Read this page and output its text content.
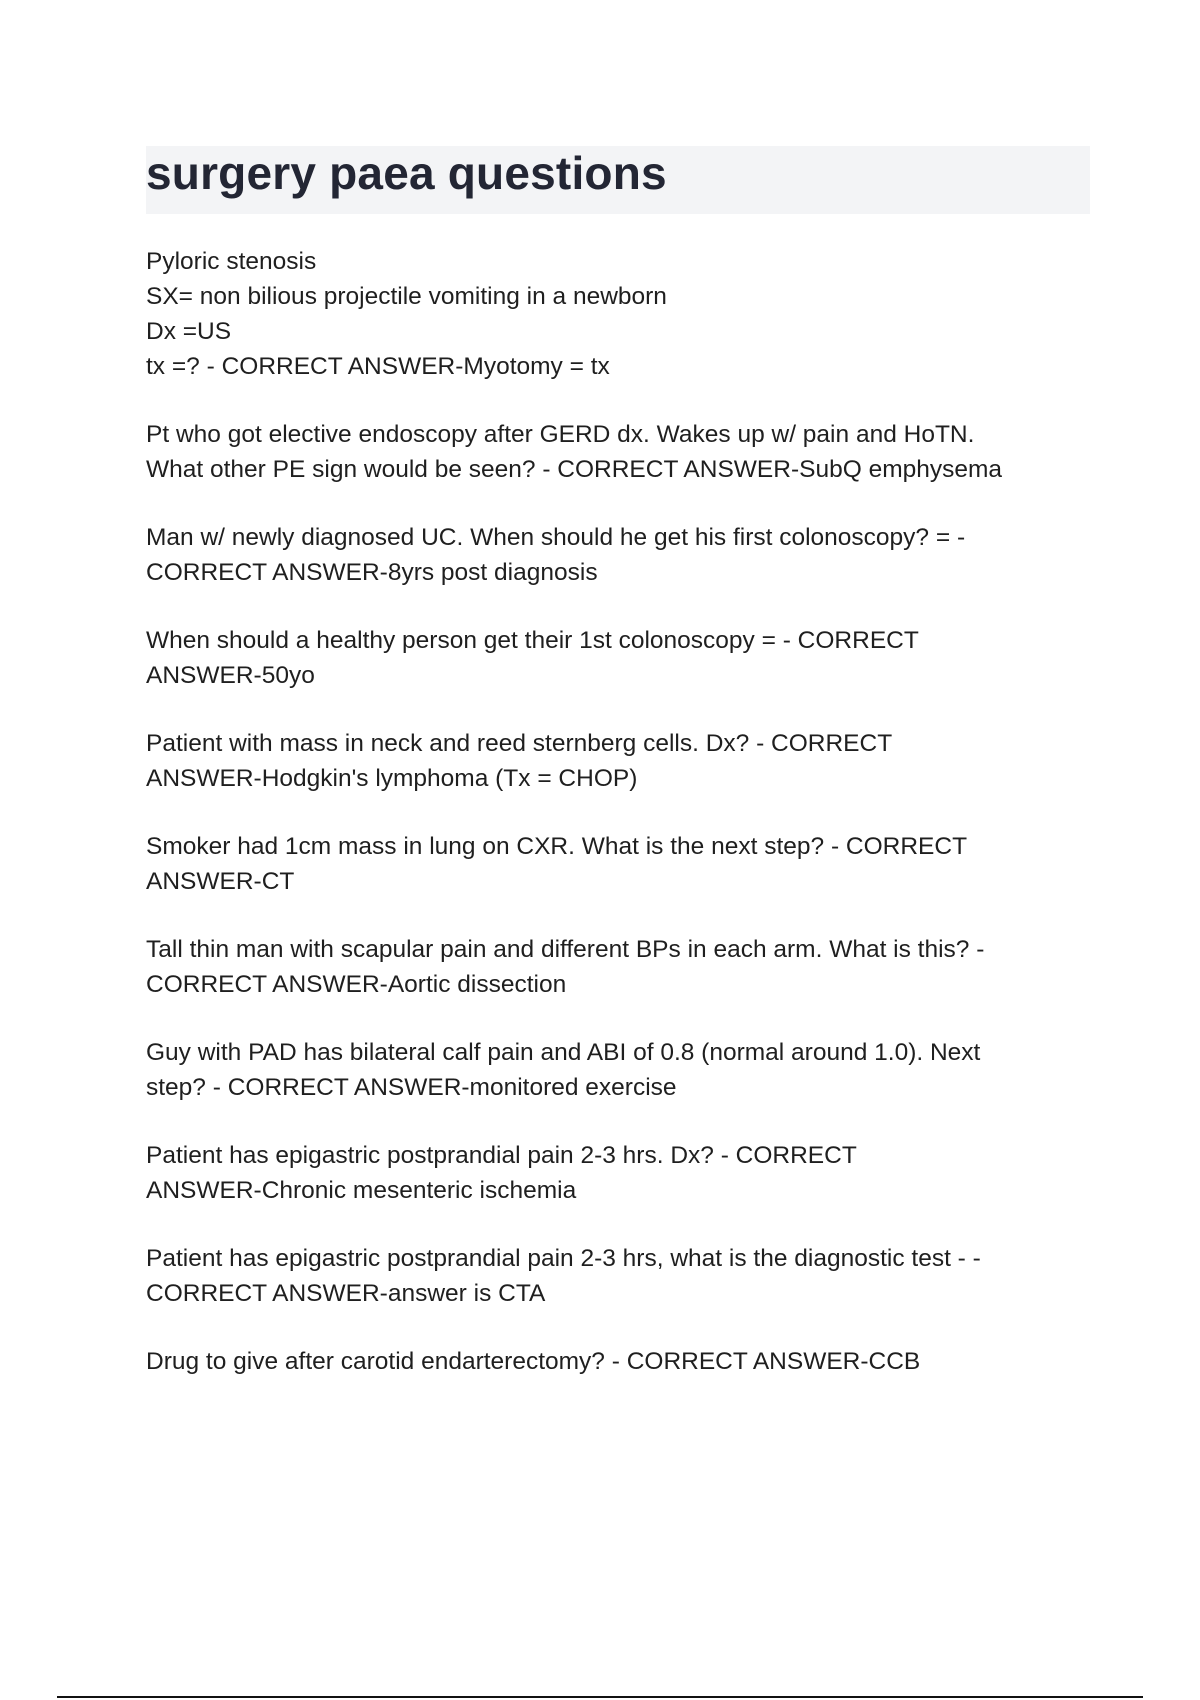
surgery paea questions

Pyloric stenosis
SX= non bilious projectile vomiting in a newborn
Dx =US
tx =? - CORRECT ANSWER-Myotomy = tx

Pt who got elective endoscopy after GERD dx. Wakes up w/ pain and HoTN.
What other PE sign would be seen? - CORRECT ANSWER-SubQ emphysema

Man w/ newly diagnosed UC. When should he get his first colonoscopy? = -
CORRECT ANSWER-8yrs post diagnosis

When should a healthy person get their 1st colonoscopy = - CORRECT
ANSWER-50yo

Patient with mass in neck and reed sternberg cells. Dx? - CORRECT
ANSWER-Hodgkin's lymphoma (Tx = CHOP)

Smoker had 1cm mass in lung on CXR. What is the next step? - CORRECT
ANSWER-CT

Tall thin man with scapular pain and different BPs in each arm. What is this? -
CORRECT ANSWER-Aortic dissection

Guy with PAD has bilateral calf pain and ABI of 0.8 (normal around 1.0). Next
step? - CORRECT ANSWER-monitored exercise

Patient has epigastric postprandial pain 2-3 hrs. Dx? - CORRECT
ANSWER-Chronic mesenteric ischemia

Patient has epigastric postprandial pain 2-3 hrs, what is the diagnostic test - -
CORRECT ANSWER-answer is CTA

Drug to give after carotid endarterectomy? - CORRECT ANSWER-CCB
